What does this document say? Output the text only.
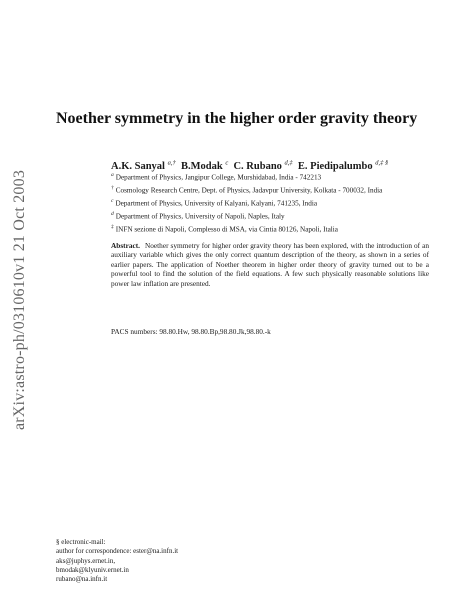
arXiv:astro-ph/0310610v1 21 Oct 2003
Noether symmetry in the higher order gravity theory
A.K. Sanyal $^{a,\dagger}$ B.Modak $^c$ C. Rubano $^{d,\ddagger}$ E. Piedipalumbo $^{d,\ddagger \S}$
$^a$ Department of Physics, Jangipur College, Murshidabad, India - 742213
† Cosmology Research Centre, Dept. of Physics, Jadavpur University, Kolkata - 700032, India
$^c$ Department of Physics, University of Kalyani, Kalyani, 741235, India
$^d$ Department of Physics, University of Napoli, Naples, Italy
‡ INFN sezione di Napoli, Complesso di MSA, via Cintia 80126, Napoli, Italia
Abstract. Noether symmetry for higher order gravity theory has been explored, with the introduction of an auxiliary variable which gives the only correct quantum description of the theory, as shown in a series of earlier papers. The application of Noether theorem in higher order theory of gravity turned out to be a powerful tool to find the solution of the field equations. A few such physically reasonable solutions like power law inflation are presented.
PACS numbers: 98.80.Hw, 98.80.Bp,98.80.Jk,98.80.-k
§ electronic-mail:
author for correspondence: ester@na.infn.it
aks@juphys.ernet.in,
bmodak@klyuniv.ernet.in
rubano@na.infn.it
